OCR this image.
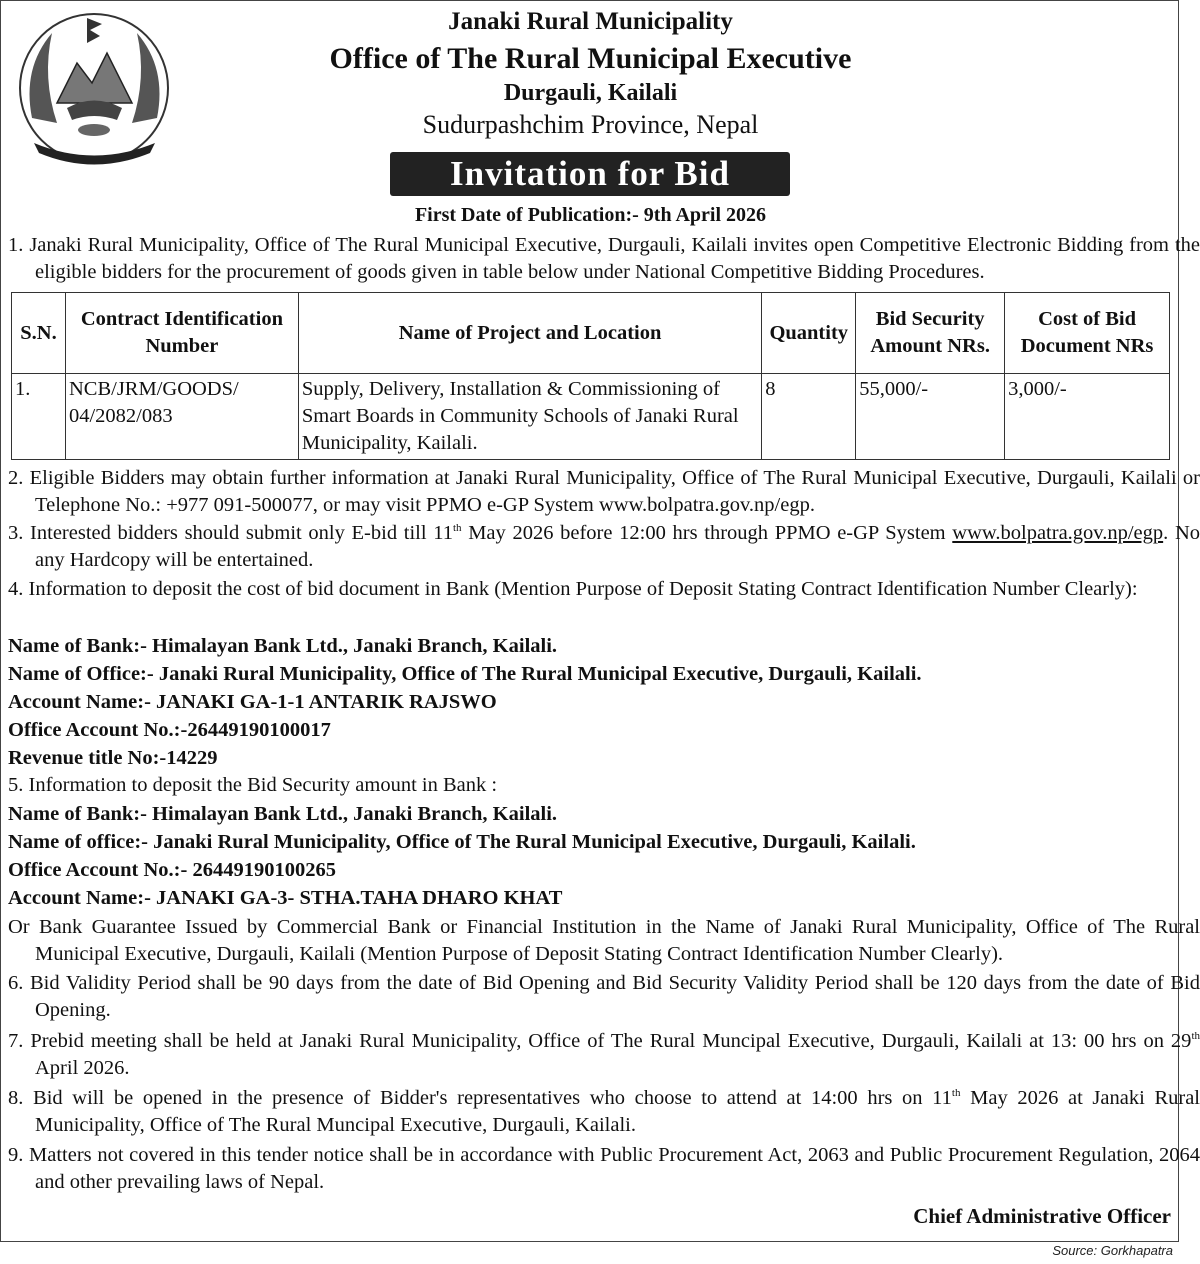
Janaki Rural Municipality
Office of The Rural Municipal Executive
Durgauli, Kailali
Sudurpashchim Province, Nepal
Invitation for Bid
First Date of Publication:- 9th April 2026
1. Janaki Rural Municipality, Office of The Rural Municipal Executive, Durgauli, Kailali invites open Competitive Electronic Bidding from the eligible bidders for the procurement of goods given in table below under National Competitive Bidding Procedures.
S.N.	Contract Identification Number	Name of Project and Location	Quantity	Bid Security Amount NRs.	Cost of Bid Document NRs
1.	NCB/JRM/GOODS/ 04/2082/083	Supply, Delivery, Installation & Commissioning of Smart Boards in Community Schools of Janaki Rural Municipality, Kailali.	8	55,000/-	3,000/-
2. Eligible Bidders may obtain further information at Janaki Rural Municipality, Office of The Rural Municipal Executive, Durgauli, Kailali or Telephone No.: +977 091-500077, or may visit PPMO e-GP System www.bolpatra.gov.np/egp.
3. Interested bidders should submit only E-bid till 11th May 2026 before 12:00 hrs through PPMO e-GP System www.bolpatra.gov.np/egp. No any Hardcopy will be entertained.
4. Information to deposit the cost of bid document in Bank (Mention Purpose of Deposit Stating Contract Identification Number Clearly):
Name of Bank:- Himalayan Bank Ltd., Janaki Branch, Kailali.
Name of Office:- Janaki Rural Municipality, Office of The Rural Municipal Executive, Durgauli, Kailali.
Account Name:- JANAKI GA-1-1 ANTARIK RAJSWO
Office Account No.:-26449190100017
Revenue title No:-14229
5. Information to deposit the Bid Security amount in Bank :
Name of Bank:- Himalayan Bank Ltd., Janaki Branch, Kailali.
Name of office:- Janaki Rural Municipality, Office of The Rural Municipal Executive, Durgauli, Kailali.
Office Account No.:- 26449190100265
Account Name:- JANAKI GA-3- STHA.TAHA DHARO KHAT
Or Bank Guarantee Issued by Commercial Bank or Financial Institution in the Name of Janaki Rural Municipality, Office of The Rural Municipal Executive, Durgauli, Kailali (Mention Purpose of Deposit Stating Contract Identification Number Clearly).
6. Bid Validity Period shall be 90 days from the date of Bid Opening and Bid Security Validity Period shall be 120 days from the date of Bid Opening.
7. Prebid meeting shall be held at Janaki Rural Municipality, Office of The Rural Muncipal Executive, Durgauli, Kailali at 13: 00 hrs on 29th April 2026.
8. Bid will be opened in the presence of Bidder's representatives who choose to attend at 14:00 hrs on 11th May 2026 at Janaki Rural Municipality, Office of The Rural Muncipal Executive, Durgauli, Kailali.
9. Matters not covered in this tender notice shall be in accordance with Public Procurement Act, 2063 and Public Procurement Regulation, 2064 and other prevailing laws of Nepal.
Chief Administrative Officer
Source: Gorkhapatra
